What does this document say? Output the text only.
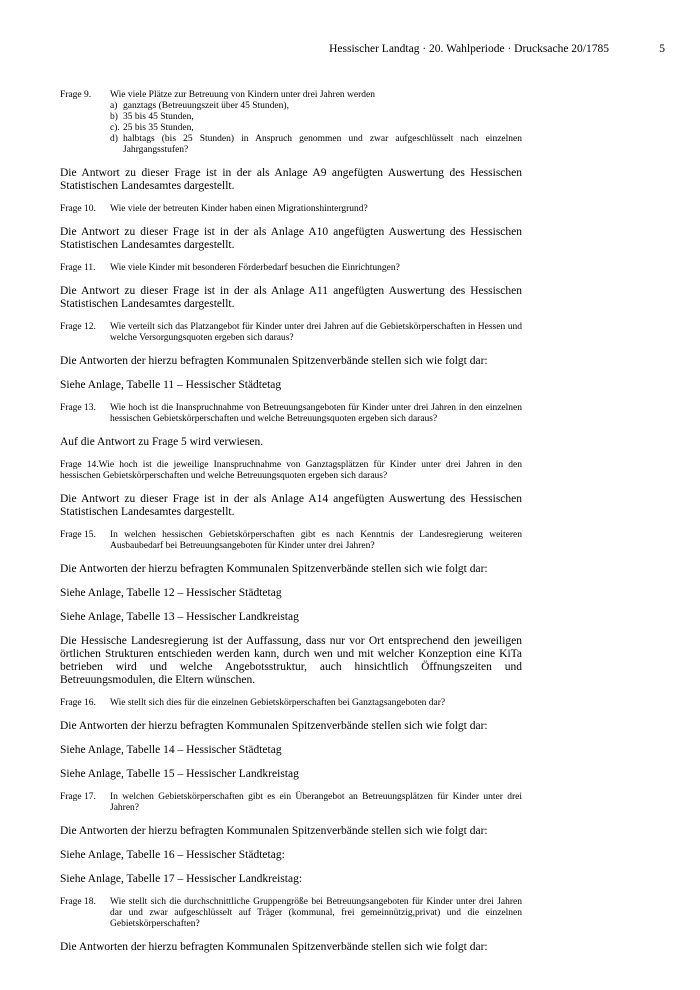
Hessischer Landtag · 20. Wahlperiode · Drucksache 20/1785	5
Frage 9.	Wie viele Plätze zur Betreuung von Kindern unter drei Jahren werden
a) ganztags (Betreuungszeit über 45 Stunden),
b) 35 bis 45 Stunden,
c). 25 bis 35 Stunden,
d) halbtags (bis 25 Stunden) in Anspruch genommen und zwar aufgeschlüsselt nach einzelnen Jahrgangsstufen?
Die Antwort zu dieser Frage ist in der als Anlage A9 angefügten Auswertung des Hessischen Statistischen Landesamtes dargestellt.
Frage 10.	Wie viele der betreuten Kinder haben einen Migrationshintergrund?
Die Antwort zu dieser Frage ist in der als Anlage A10 angefügten Auswertung des Hessischen Statistischen Landesamtes dargestellt.
Frage 11.	Wie viele Kinder mit besonderen Förderbedarf besuchen die Einrichtungen?
Die Antwort zu dieser Frage ist in der als Anlage A11 angefügten Auswertung des Hessischen Statistischen Landesamtes dargestellt.
Frage 12.	Wie verteilt sich das Platzangebot für Kinder unter drei Jahren auf die Gebietskörperschaften in Hessen und welche Versorgungsquoten ergeben sich daraus?
Die Antworten der hierzu befragten Kommunalen Spitzenverbände stellen sich wie folgt dar:
Siehe Anlage, Tabelle 11 – Hessischer Städtetag
Frage 13.	Wie hoch ist die Inanspruchnahme von Betreuungsangeboten für Kinder unter drei Jahren in den einzelnen hessischen Gebietskörperschaften und welche Betreuungsquoten ergeben sich daraus?
Auf die Antwort zu Frage 5 wird verwiesen.
Frage 14.Wie hoch ist die jeweilige Inanspruchnahme von Ganztagsplätzen für Kinder unter drei Jahren in den hessischen Gebietskörperschaften und welche Betreuungsquoten ergeben sich daraus?
Die Antwort zu dieser Frage ist in der als Anlage A14 angefügten Auswertung des Hessischen Statistischen Landesamtes dargestellt.
Frage 15.	In welchen hessischen Gebietskörperschaften gibt es nach Kenntnis der Landesregierung weiteren Ausbaubedarf bei Betreuungsangeboten für Kinder unter drei Jahren?
Die Antworten der hierzu befragten Kommunalen Spitzenverbände stellen sich wie folgt dar:
Siehe Anlage, Tabelle 12 – Hessischer Städtetag
Siehe Anlage, Tabelle 13 – Hessischer Landkreistag
Die Hessische Landesregierung ist der Auffassung, dass nur vor Ort entsprechend den jeweiligen örtlichen Strukturen entschieden werden kann, durch wen und mit welcher Konzeption eine KiTa betrieben wird und welche Angebotsstruktur, auch hinsichtlich Öffnungszeiten und Betreuungsmodulen, die Eltern wünschen.
Frage 16.	Wie stellt sich dies für die einzelnen Gebietskörperschaften bei Ganztagsangeboten dar?
Die Antworten der hierzu befragten Kommunalen Spitzenverbände stellen sich wie folgt dar:
Siehe Anlage, Tabelle 14 – Hessischer Städtetag
Siehe Anlage, Tabelle 15 – Hessischer Landkreistag
Frage 17.	In welchen Gebietskörperschaften gibt es ein Überangebot an Betreuungsplätzen für Kinder unter drei Jahren?
Die Antworten der hierzu befragten Kommunalen Spitzenverbände stellen sich wie folgt dar:
Siehe Anlage, Tabelle 16 – Hessischer Städtetag:
Siehe Anlage, Tabelle 17 – Hessischer Landkreistag:
Frage 18.	Wie stellt sich die durchschnittliche Gruppengröße bei Betreuungsangeboten für Kinder unter drei Jahren dar und zwar aufgeschlüsselt auf Träger (kommunal, frei gemeinnützig,privat) und die einzelnen Gebietskörperschaften?
Die Antworten der hierzu befragten Kommunalen Spitzenverbände stellen sich wie folgt dar:
